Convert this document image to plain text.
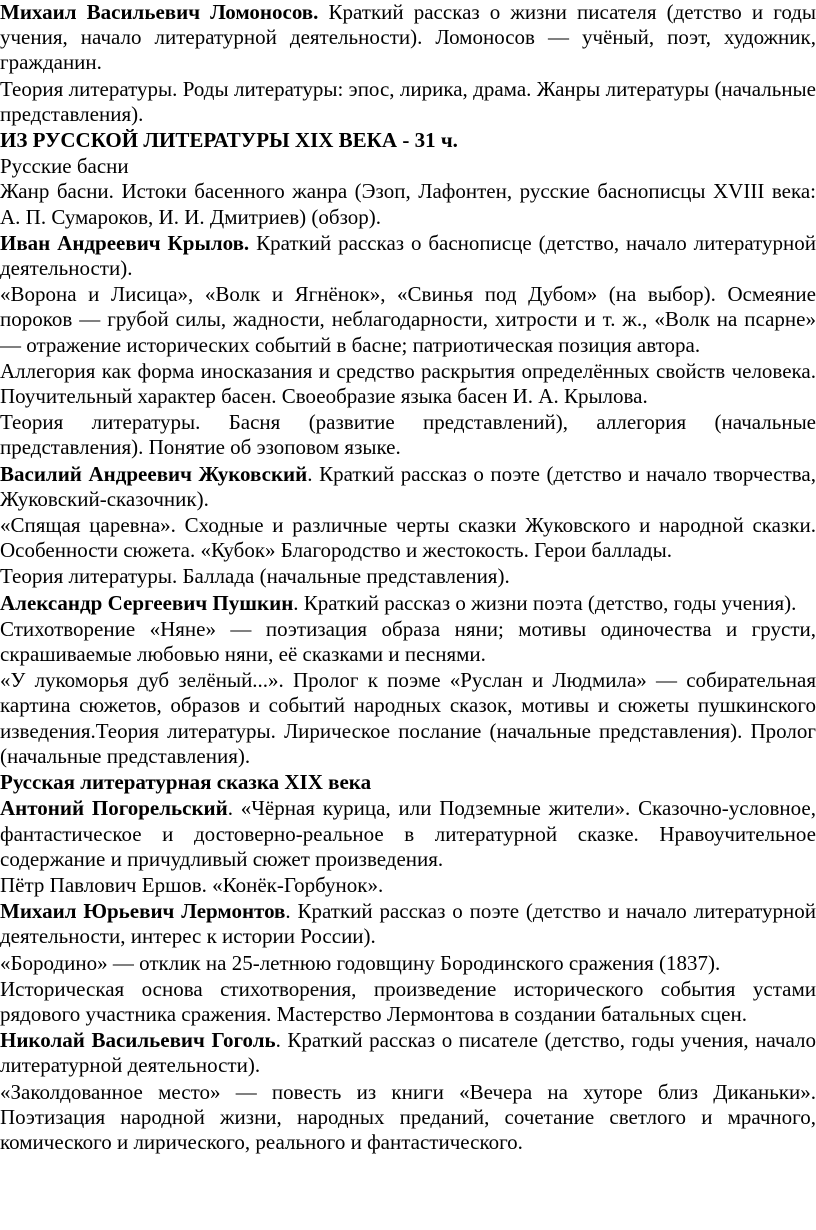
Михаил Васильевич Ломоносов. Краткий рассказ о жизни писателя (детство и годы учения, начало литературной деятельности). Ломоносов — учёный, поэт, художник, гражданин.

Теория литературы. Роды литературы: эпос, лирика, драма. Жанры литературы (начальные представления).

ИЗ РУССКОЙ ЛИТЕРАТУРЫ XIX ВЕКА - 31 ч.

Русские басни

Жанр басни. Истоки басенного жанра (Эзоп, Лафонтен, русские баснописцы XVIII века: А. П. Сумароков, И. И. Дмитриев) (обзор).

Иван Андреевич Крылов. Краткий рассказ о баснописце (детство, начало литературной деятельности).

«Ворона и Лисица», «Волк и Ягнёнок», «Свинья под Дубом» (на выбор). Осмеяние пороков — грубой силы, жадности, неблагодарности, хитрости и т. ж., «Волк на псарне» — отражение исторических событий в басне; патриотическая позиция автора.

Аллегория как форма иносказания и средство раскрытия определённых свойств человека. Поучительный характер басен. Своеобразие языка басен И. А. Крылова.

Теория литературы. Басня (развитие представлений), аллегория (начальные представления). Понятие об эзоповом языке.

Василий Андреевич Жуковский. Краткий рассказ о поэте (детство и начало творчества, Жуковский-сказочник).

«Спящая царевна». Сходные и различные черты сказки Жуковского и народной сказки. Особенности сюжета. «Кубок» Благородство и жестокость. Герои баллады.

Теория литературы. Баллада (начальные представления).

Александр Сергеевич Пушкин. Краткий рассказ о жизни поэта (детство, годы учения).

Стихотворение «Няне» — поэтизация образа няни; мотивы одиночества и грусти, скрашиваемые любовью няни, её сказками и песнями.

«У лукоморья дуб зелёный...». Пролог к поэме «Руслан и Людмила» — собирательная картина сюжетов, образов и событий народных сказок, мотивы и сюжеты пушкинского изведения.Теория литературы. Лирическое послание (начальные представления). Пролог (начальные представления).

Русская литературная сказка XIX века

Антоний Погорельский. «Чёрная курица, или Подземные жители». Сказочно-условное, фантастическое и достоверно-реальное в литературной сказке. Нравоучительное содержание и причудливый сюжет произведения.

Пётр Павлович Ершов. «Конёк-Горбунок».

Михаил Юрьевич Лермонтов. Краткий рассказ о поэте (детство и начало литературной деятельности, интерес к истории России).

«Бородино» — отклик на 25-летнюю годовщину Бородинского сражения (1837).

Историческая основа стихотворения, произведение исторического события устами рядового участника сражения. Мастерство Лермонтова в создании батальных сцен.

Николай Васильевич Гоголь. Краткий рассказ о писателе (детство, годы учения, начало литературной деятельности).

«Заколдованное место» — повесть из книги «Вечера на хуторе близ Диканьки». Поэтизация народной жизни, народных преданий, сочетание светлого и мрачного, комического и лирического, реального и фантастического.
